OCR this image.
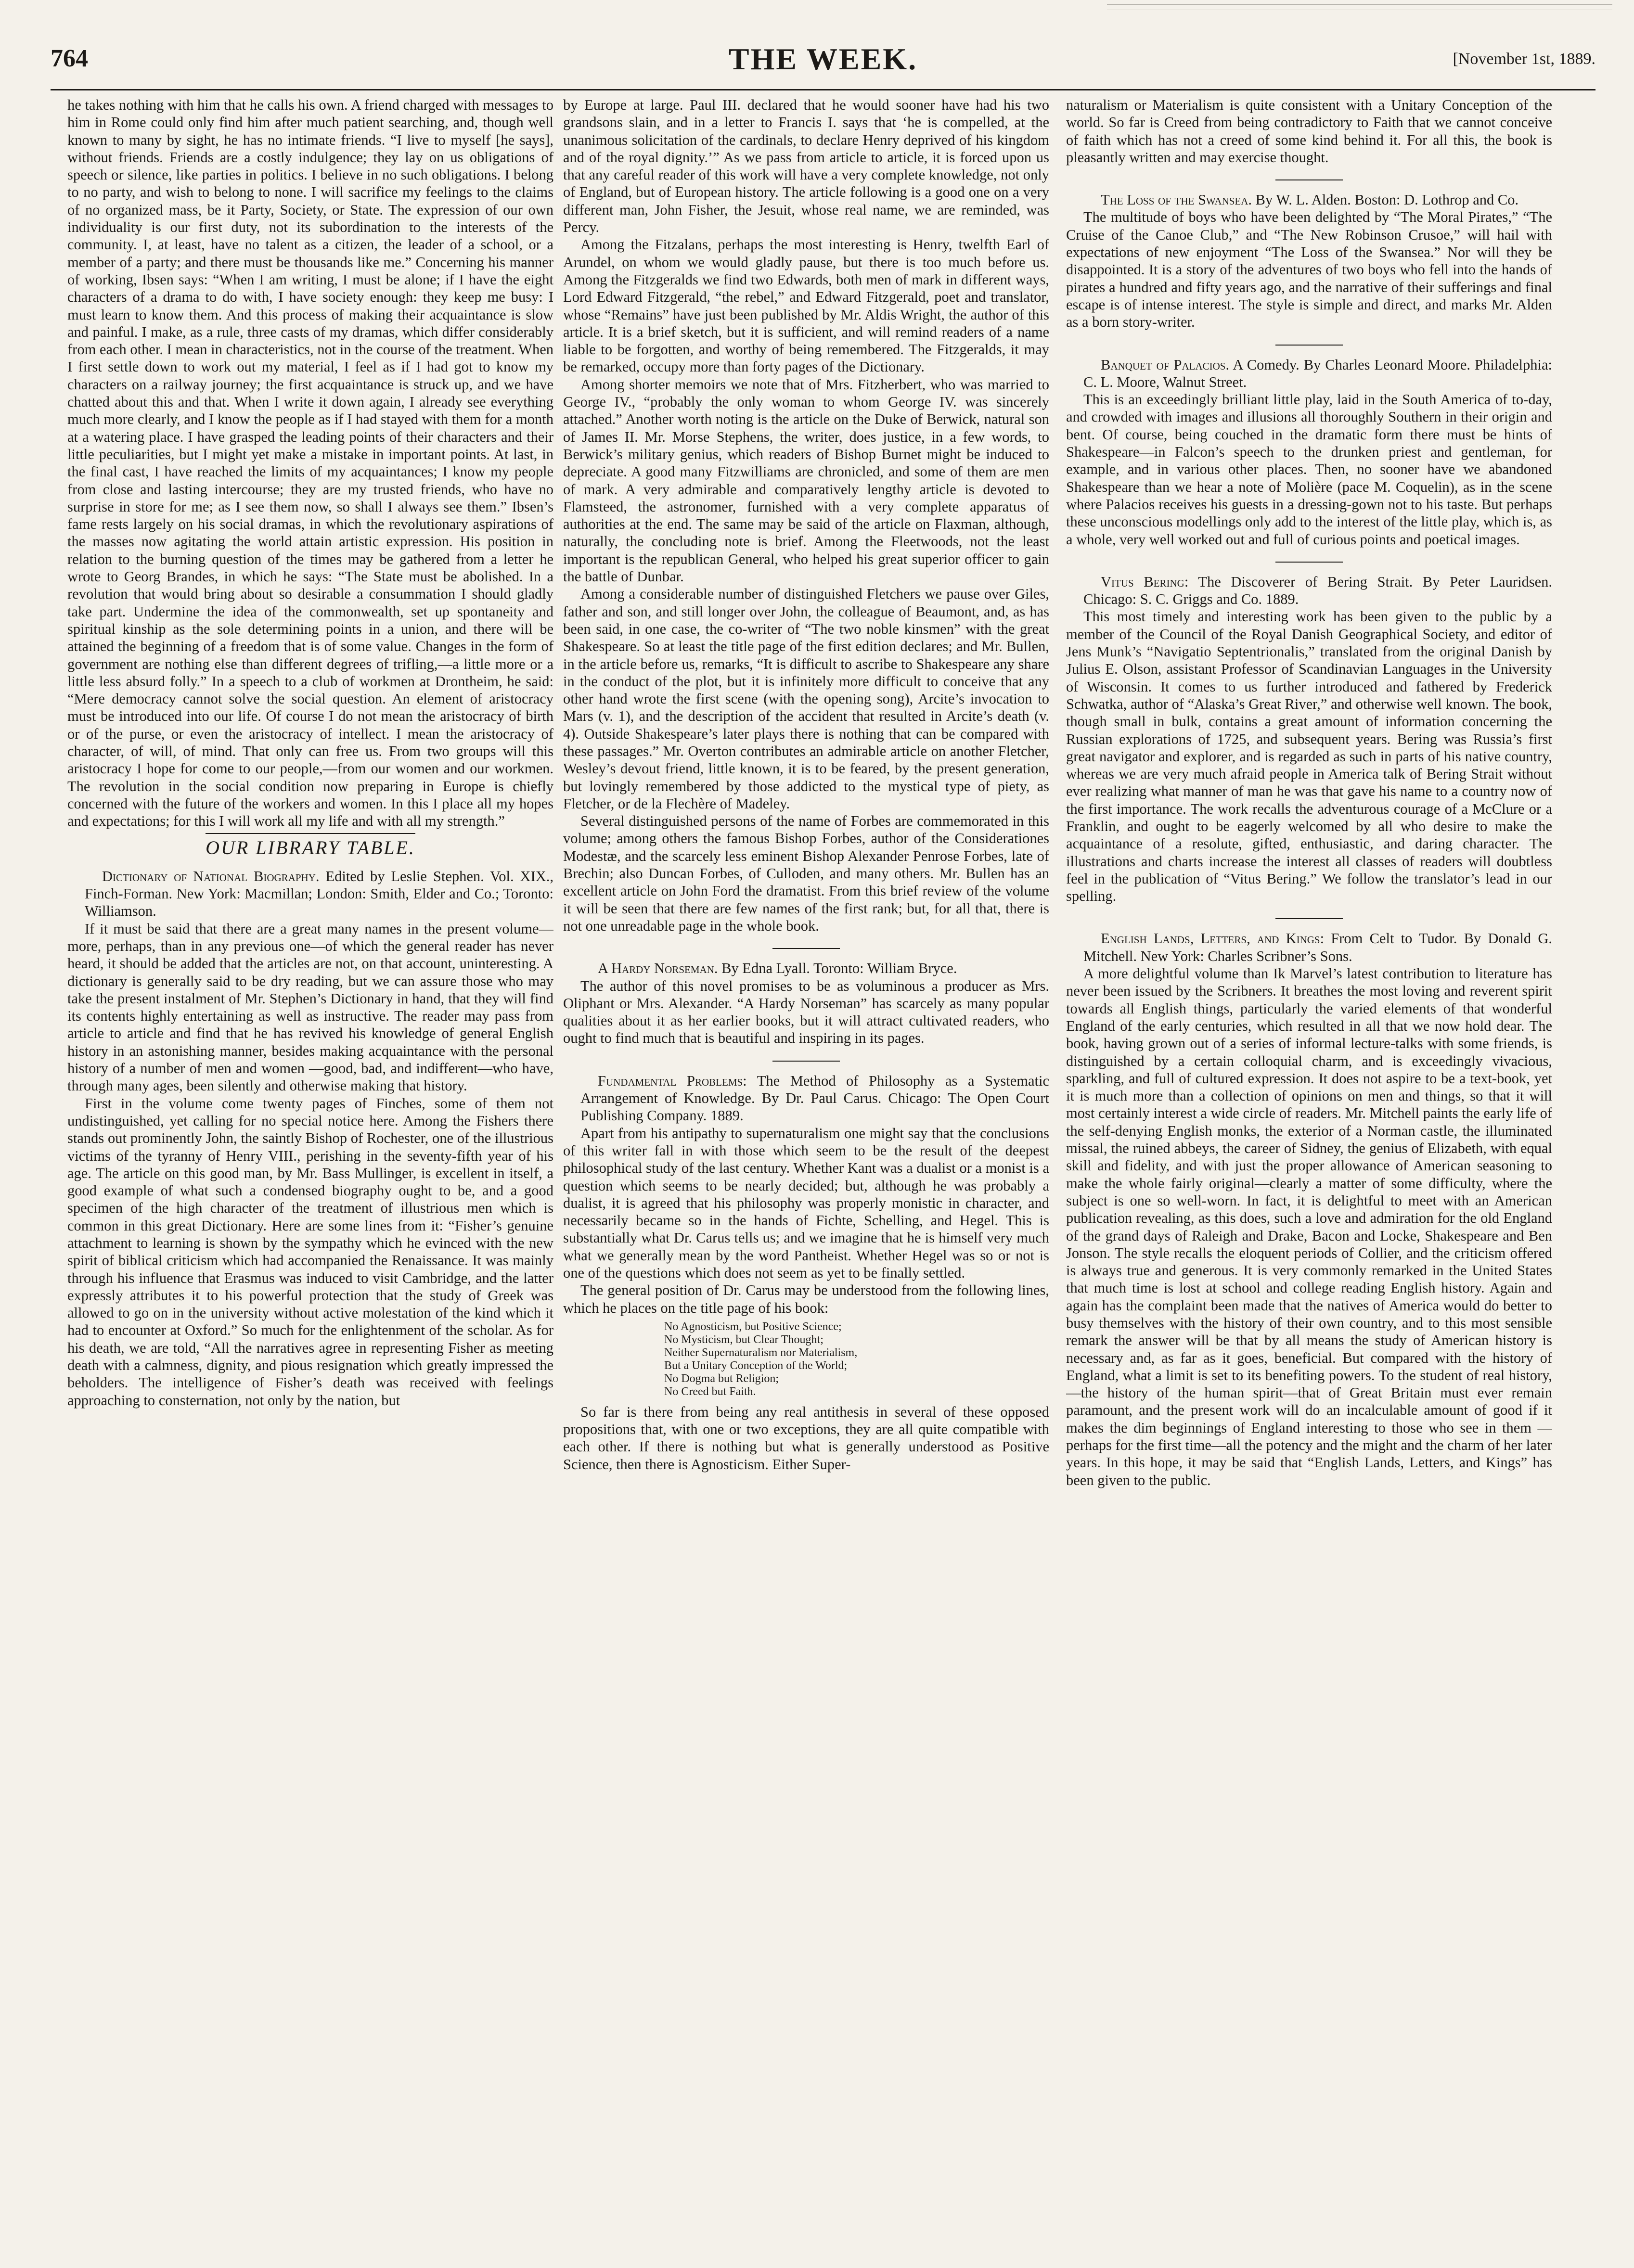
764	THE WEEK.	[November 1st, 1889.

he takes nothing with him that he calls his own. A friend charged with messages to him in Rome could only find him after much patient searching, and, though well known to many by sight, he has no intimate friends. “I live to myself [he says], without friends. Friends are a costly indulgence; they lay on us obligations of speech or silence, like parties in politics. I believe in no such obligations. I belong to no party, and wish to belong to none. I will sacrifice my feelings to the claims of no organized mass, be it Party, Society, or State. The expression of our own individuality is our first duty, not its subordination to the interests of the community. I, at least, have no talent as a citizen, the leader of a school, or a member of a party; and there must be thousands like me.” Concerning his manner of working, Ibsen says: “When I am writing, I must be alone; if I have the eight characters of a drama to do with, I have society enough: they keep me busy: I must learn to know them. And this process of making their acquaintance is slow and painful. I make, as a rule, three casts of my dramas, which differ considerably from each other. I mean in characteristics, not in the course of the treatment. When I first settle down to work out my material, I feel as if I had got to know my characters on a railway journey; the first acquaintance is struck up, and we have chatted about this and that. When I write it down again, I already see everything much more clearly, and I know the people as if I had stayed with them for a month at a watering place. I have grasped the leading points of their characters and their little peculiarities, but I might yet make a mistake in important points. At last, in the final cast, I have reached the limits of my acquaintances; I know my people from close and lasting intercourse; they are my trusted friends, who have no surprise in store for me; as I see them now, so shall I always see them.” Ibsen’s fame rests largely on his social dramas, in which the revolutionary aspirations of the masses now agitating the world attain artistic expression. His position in relation to the burning question of the times may be gathered from a letter he wrote to Georg Brandes, in which he says: “The State must be abolished. In a revolution that would bring about so desirable a consummation I should gladly take part. Undermine the idea of the commonwealth, set up spontaneity and spiritual kinship as the sole determining points in a union, and there will be attained the beginning of a freedom that is of some value. Changes in the form of government are nothing else than different degrees of trifling,—a little more or a little less absurd folly.” In a speech to a club of workmen at Drontheim, he said: “Mere democracy cannot solve the social question. An element of aristocracy must be introduced into our life. Of course I do not mean the aristocracy of birth or of the purse, or even the aristocracy of intellect. I mean the aristocracy of character, of will, of mind. That only can free us. From two groups will this aristocracy I hope for come to our people,—from our women and our workmen. The revolution in the social condition now preparing in Europe is chiefly concerned with the future of the workers and women. In this I place all my hopes and expectations; for this I will work all my life and with all my strength.”

OUR LIBRARY TABLE.

Dictionary of National Biography. Edited by Leslie Stephen. Vol. XIX., Finch-Forman. New York: Macmillan; London: Smith, Elder and Co.; Toronto: Williamson.

If it must be said that there are a great many names in the present volume—more, perhaps, than in any previous one—of which the general reader has never heard, it should be added that the articles are not, on that account, uninteresting. A dictionary is generally said to be dry reading, but we can assure those who may take the present instalment of Mr. Stephen’s Dictionary in hand, that they will find its contents highly entertaining as well as instructive. The reader may pass from article to article and find that he has revived his knowledge of general English history in an astonishing manner, besides making acquaintance with the personal history of a number of men and women —good, bad, and indifferent—who have, through many ages, been silently and otherwise making that history.

First in the volume come twenty pages of Finches, some of them not undistinguished, yet calling for no special notice here. Among the Fishers there stands out prominently John, the saintly Bishop of Rochester, one of the illustrious victims of the tyranny of Henry VIII., perishing in the seventy-fifth year of his age. The article on this good man, by Mr. Bass Mullinger, is excellent in itself, a good example of what such a condensed biography ought to be, and a good specimen of the high character of the treatment of illustrious men which is common in this great Dictionary. Here are some lines from it: “Fisher’s genuine attachment to learning is shown by the sympathy which he evinced with the new spirit of biblical criticism which had accompanied the Renaissance. It was mainly through his influence that Erasmus was induced to visit Cambridge, and the latter expressly attributes it to his powerful protection that the study of Greek was allowed to go on in the university without active molestation of the kind which it had to encounter at Oxford.” So much for the enlightenment of the scholar. As for his death, we are told, “All the narratives agree in representing Fisher as meeting death with a calmness, dignity, and pious resignation which greatly impressed the beholders. The intelligence of Fisher’s death was received with feelings approaching to consternation, not only by the nation, but

by Europe at large. Paul III. declared that he would sooner have had his two grandsons slain, and in a letter to Francis I. says that ‘he is compelled, at the unanimous solicitation of the cardinals, to declare Henry deprived of his kingdom and of the royal dignity.’” As we pass from article to article, it is forced upon us that any careful reader of this work will have a very complete knowledge, not only of England, but of European history. The article following is a good one on a very different man, John Fisher, the Jesuit, whose real name, we are reminded, was Percy.

Among the Fitzalans, perhaps the most interesting is Henry, twelfth Earl of Arundel, on whom we would gladly pause, but there is too much before us. Among the Fitzgeralds we find two Edwards, both men of mark in different ways, Lord Edward Fitzgerald, “the rebel,” and Edward Fitzgerald, poet and translator, whose “Remains” have just been published by Mr. Aldis Wright, the author of this article. It is a brief sketch, but it is sufficient, and will remind readers of a name liable to be forgotten, and worthy of being remembered. The Fitzgeralds, it may be remarked, occupy more than forty pages of the Dictionary.

Among shorter memoirs we note that of Mrs. Fitzherbert, who was married to George IV., “probably the only woman to whom George IV. was sincerely attached.” Another worth noting is the article on the Duke of Berwick, natural son of James II. Mr. Morse Stephens, the writer, does justice, in a few words, to Berwick’s military genius, which readers of Bishop Burnet might be induced to depreciate. A good many Fitzwilliams are chronicled, and some of them are men of mark. A very admirable and comparatively lengthy article is devoted to Flamsteed, the astronomer, furnished with a very complete apparatus of authorities at the end. The same may be said of the article on Flaxman, although, naturally, the concluding note is brief. Among the Fleetwoods, not the least important is the republican General, who helped his great superior officer to gain the battle of Dunbar.

Among a considerable number of distinguished Fletchers we pause over Giles, father and son, and still longer over John, the colleague of Beaumont, and, as has been said, in one case, the co-writer of “The two noble kinsmen” with the great Shakespeare. So at least the title page of the first edition declares; and Mr. Bullen, in the article before us, remarks, “It is difficult to ascribe to Shakespeare any share in the conduct of the plot, but it is infinitely more difficult to conceive that any other hand wrote the first scene (with the opening song), Arcite’s invocation to Mars (v. 1), and the description of the accident that resulted in Arcite’s death (v. 4). Outside Shakespeare’s later plays there is nothing that can be compared with these passages.” Mr. Overton contributes an admirable article on another Fletcher, Wesley’s devout friend, little known, it is to be feared, by the present generation, but lovingly remembered by those addicted to the mystical type of piety, as Fletcher, or de la Flechère of Madeley.

Several distinguished persons of the name of Forbes are commemorated in this volume; among others the famous Bishop Forbes, author of the Considerationes Modestæ, and the scarcely less eminent Bishop Alexander Penrose Forbes, late of Brechin; also Duncan Forbes, of Culloden, and many others. Mr. Bullen has an excellent article on John Ford the dramatist. From this brief review of the volume it will be seen that there are few names of the first rank; but, for all that, there is not one unreadable page in the whole book.

A Hardy Norseman. By Edna Lyall. Toronto: William Bryce.

The author of this novel promises to be as voluminous a producer as Mrs. Oliphant or Mrs. Alexander. “A Hardy Norseman” has scarcely as many popular qualities about it as her earlier books, but it will attract cultivated readers, who ought to find much that is beautiful and inspiring in its pages.

Fundamental Problems: The Method of Philosophy as a Systematic Arrangement of Knowledge. By Dr. Paul Carus. Chicago: The Open Court Publishing Company. 1889.

Apart from his antipathy to supernaturalism one might say that the conclusions of this writer fall in with those which seem to be the result of the deepest philosophical study of the last century. Whether Kant was a dualist or a monist is a question which seems to be nearly decided; but, although he was probably a dualist, it is agreed that his philosophy was properly monistic in character, and necessarily became so in the hands of Fichte, Schelling, and Hegel. This is substantially what Dr. Carus tells us; and we imagine that he is himself very much what we generally mean by the word Pantheist. Whether Hegel was so or not is one of the questions which does not seem as yet to be finally settled.

The general position of Dr. Carus may be understood from the following lines, which he places on the title page of his book:

No Agnosticism, but Positive Science;
No Mysticism, but Clear Thought;
Neither Supernaturalism nor Materialism,
But a Unitary Conception of the World;
No Dogma but Religion;
No Creed but Faith.

So far is there from being any real antithesis in several of these opposed propositions that, with one or two exceptions, they are all quite compatible with each other. If there is nothing but what is generally understood as Positive Science, then there is Agnosticism. Either Super-

naturalism or Materialism is quite consistent with a Unitary Conception of the world. So far is Creed from being contradictory to Faith that we cannot conceive of faith which has not a creed of some kind behind it. For all this, the book is pleasantly written and may exercise thought.

The Loss of the Swansea. By W. L. Alden. Boston: D. Lothrop and Co.

The multitude of boys who have been delighted by “The Moral Pirates,” “The Cruise of the Canoe Club,” and “The New Robinson Crusoe,” will hail with expectations of new enjoyment “The Loss of the Swansea.” Nor will they be disappointed. It is a story of the adventures of two boys who fell into the hands of pirates a hundred and fifty years ago, and the narrative of their sufferings and final escape is of intense interest. The style is simple and direct, and marks Mr. Alden as a born story-writer.

Banquet of Palacios. A Comedy. By Charles Leonard Moore. Philadelphia: C. L. Moore, Walnut Street.

This is an exceedingly brilliant little play, laid in the South America of to-day, and crowded with images and illusions all thoroughly Southern in their origin and bent. Of course, being couched in the dramatic form there must be hints of Shakespeare—in Falcon’s speech to the drunken priest and gentleman, for example, and in various other places. Then, no sooner have we abandoned Shakespeare than we hear a note of Molière (pace M. Coquelin), as in the scene where Palacios receives his guests in a dressing-gown not to his taste. But perhaps these unconscious modellings only add to the interest of the little play, which is, as a whole, very well worked out and full of curious points and poetical images.

Vitus Bering: The Discoverer of Bering Strait. By Peter Lauridsen. Chicago: S. C. Griggs and Co. 1889.

This most timely and interesting work has been given to the public by a member of the Council of the Royal Danish Geographical Society, and editor of Jens Munk’s “Navigatio Septentrionalis,” translated from the original Danish by Julius E. Olson, assistant Professor of Scandinavian Languages in the University of Wisconsin. It comes to us further introduced and fathered by Frederick Schwatka, author of “Alaska’s Great River,” and otherwise well known. The book, though small in bulk, contains a great amount of information concerning the Russian explorations of 1725, and subsequent years. Bering was Russia’s first great navigator and explorer, and is regarded as such in parts of his native country, whereas we are very much afraid people in America talk of Bering Strait without ever realizing what manner of man he was that gave his name to a country now of the first importance. The work recalls the adventurous courage of a McClure or a Franklin, and ought to be eagerly welcomed by all who desire to make the acquaintance of a resolute, gifted, enthusiastic, and daring character. The illustrations and charts increase the interest all classes of readers will doubtless feel in the publication of “Vitus Bering.” We follow the translator’s lead in our spelling.

English Lands, Letters, and Kings: From Celt to Tudor. By Donald G. Mitchell. New York: Charles Scribner’s Sons.

A more delightful volume than Ik Marvel’s latest contribution to literature has never been issued by the Scribners. It breathes the most loving and reverent spirit towards all English things, particularly the varied elements of that wonderful England of the early centuries, which resulted in all that we now hold dear. The book, having grown out of a series of informal lecture-talks with some friends, is distinguished by a certain colloquial charm, and is exceedingly vivacious, sparkling, and full of cultured expression. It does not aspire to be a text-book, yet it is much more than a collection of opinions on men and things, so that it will most certainly interest a wide circle of readers. Mr. Mitchell paints the early life of the self-denying English monks, the exterior of a Norman castle, the illuminated missal, the ruined abbeys, the career of Sidney, the genius of Elizabeth, with equal skill and fidelity, and with just the proper allowance of American seasoning to make the whole fairly original—clearly a matter of some difficulty, where the subject is one so well-worn. In fact, it is delightful to meet with an American publication revealing, as this does, such a love and admiration for the old England of the grand days of Raleigh and Drake, Bacon and Locke, Shakespeare and Ben Jonson. The style recalls the eloquent periods of Collier, and the criticism offered is always true and generous. It is very commonly remarked in the United States that much time is lost at school and college reading English history. Again and again has the complaint been made that the natives of America would do better to busy themselves with the history of their own country, and to this most sensible remark the answer will be that by all means the study of American history is necessary and, as far as it goes, beneficial. But compared with the history of England, what a limit is set to its benefiting powers. To the student of real history, —the history of the human spirit—that of Great Britain must ever remain paramount, and the present work will do an incalculable amount of good if it makes the dim beginnings of England interesting to those who see in them —perhaps for the first time—all the potency and the might and the charm of her later years. In this hope, it may be said that “English Lands, Letters, and Kings” has been given to the public.
